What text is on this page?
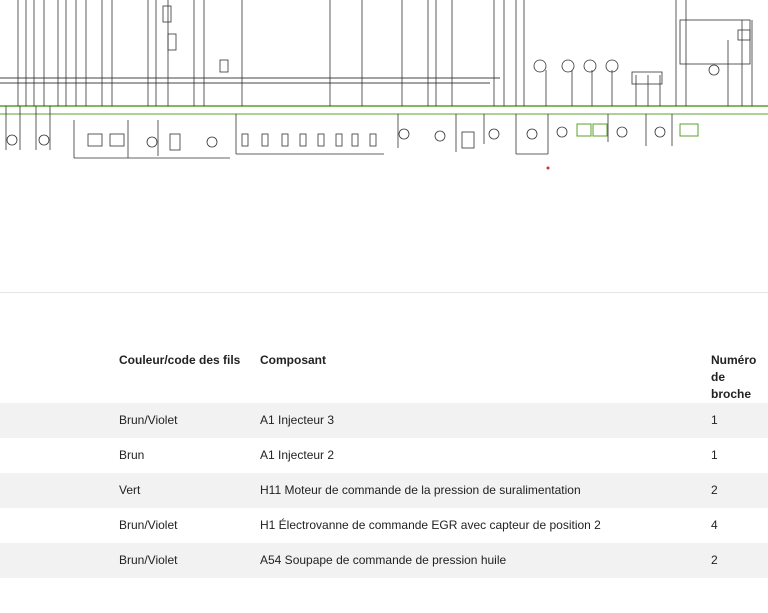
	Couleur/code des fils	Composant	Numéro de broche
	Brun/Violet	A1 Injecteur 3	1
	Brun	A1 Injecteur 2	1
	Vert	H11 Moteur de commande de la pression de suralimentation	2
	Brun/Violet	H1 Électrovanne de commande EGR avec capteur de position 2	4
	Brun/Violet	A54 Soupape de commande de pression huile	2
